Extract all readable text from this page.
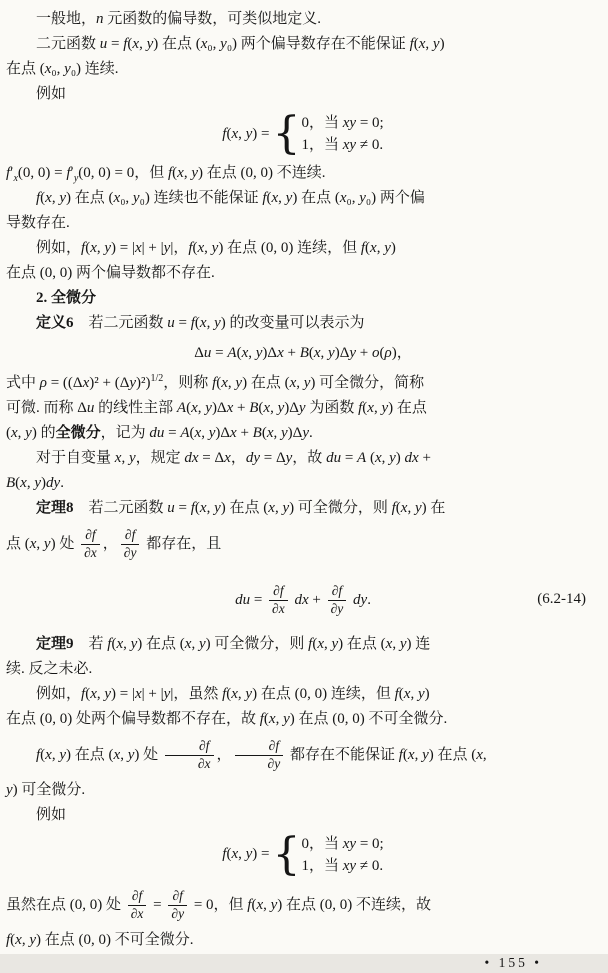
一般地，n 元函数的偏导数，可类似地定义.
二元函数 u = f(x, y) 在点 (x₀, y₀) 两个偏导数存在不能保证 f(x, y)
在点 (x₀, y₀) 连续.
例如
f(x, y) = { 0，当 xy = 0;
1，当 xy ≠ 0.
$f'_x(0$, $0) = f'_y(0$, 0) = 0，但 f(x, y) 在点 (0, 0) 不连续.
f(x, y) 在点 (x₀, y₀) 连续也不能保证 f(x, y) 在点 (x₀, y₀) 两个偏
导数存在.
例如，f(x, y) = |x| + |y|，f(x, y) 在点 (0, 0) 连续，但 f(x, y)
在点 (0, 0) 两个偏导数都不存在.
2. 全微分
定义6　若二元函数 u = f(x, y) 的改变量可以表示为
Δu = A(x, y)Δx + B(x, y)Δy + o(ρ)，
式中 $\rho = ((\Delta x)^2 + (\Delta y)^2)^{1/2}$，则称 f(x, y) 在点 (x, y) 可全微分，简称
可微. 而称 Δu 的线性主部 A(x, y)Δx + B(x, y)Δy 为函数 f(x, y) 在点
(x, y) 的全微分，记为 du = A(x, y)Δx + B(x, y)Δy.
对于自变量 x, y，规定 dx = Δx，dy = Δy，故 du = A (x, y) dx +
B(x, y)dy.
定理8　若二元函数 u = f(x, y) 在点 (x, y) 可全微分，则 f(x, y) 在
点 (x, y) 处 $\frac{\partial f}{\partial x}$ ， $\frac{\partial f}{\partial y}$ 都存在，且
du = $\frac{\partial f}{\partial x}$ dx + $\frac{\partial f}{\partial y}$ dy.	(6.2-14)
定理9　若 f(x, y) 在点 (x, y) 可全微分，则 f(x, y) 在点 (x, y) 连
续. 反之未必.
例如，f(x, y) = |x| + |y|，虽然 f(x, y) 在点 (0, 0) 连续，但 f(x, y)
在点 (0, 0) 处两个偏导数都不存在，故 f(x, y) 在点 (0, 0) 不可全微分.
f(x, y) 在点 (x, y) 处 $\frac{\partial f}{\partial x}$ ， $\frac{\partial f}{\partial y}$ 都存在不能保证 f(x, y) 在点 (x,
y) 可全微分.
例如
f(x, y) = { 0，当 xy = 0;
1，当 xy ≠ 0.
虽然在点 (0, 0) 处 $\frac{\partial f}{\partial x} = \frac{\partial f}{\partial y} = 0$，但 f(x, y) 在点 (0, 0) 不连续，故
f(x, y) 在点 (0, 0) 不可全微分.
• 155 •
